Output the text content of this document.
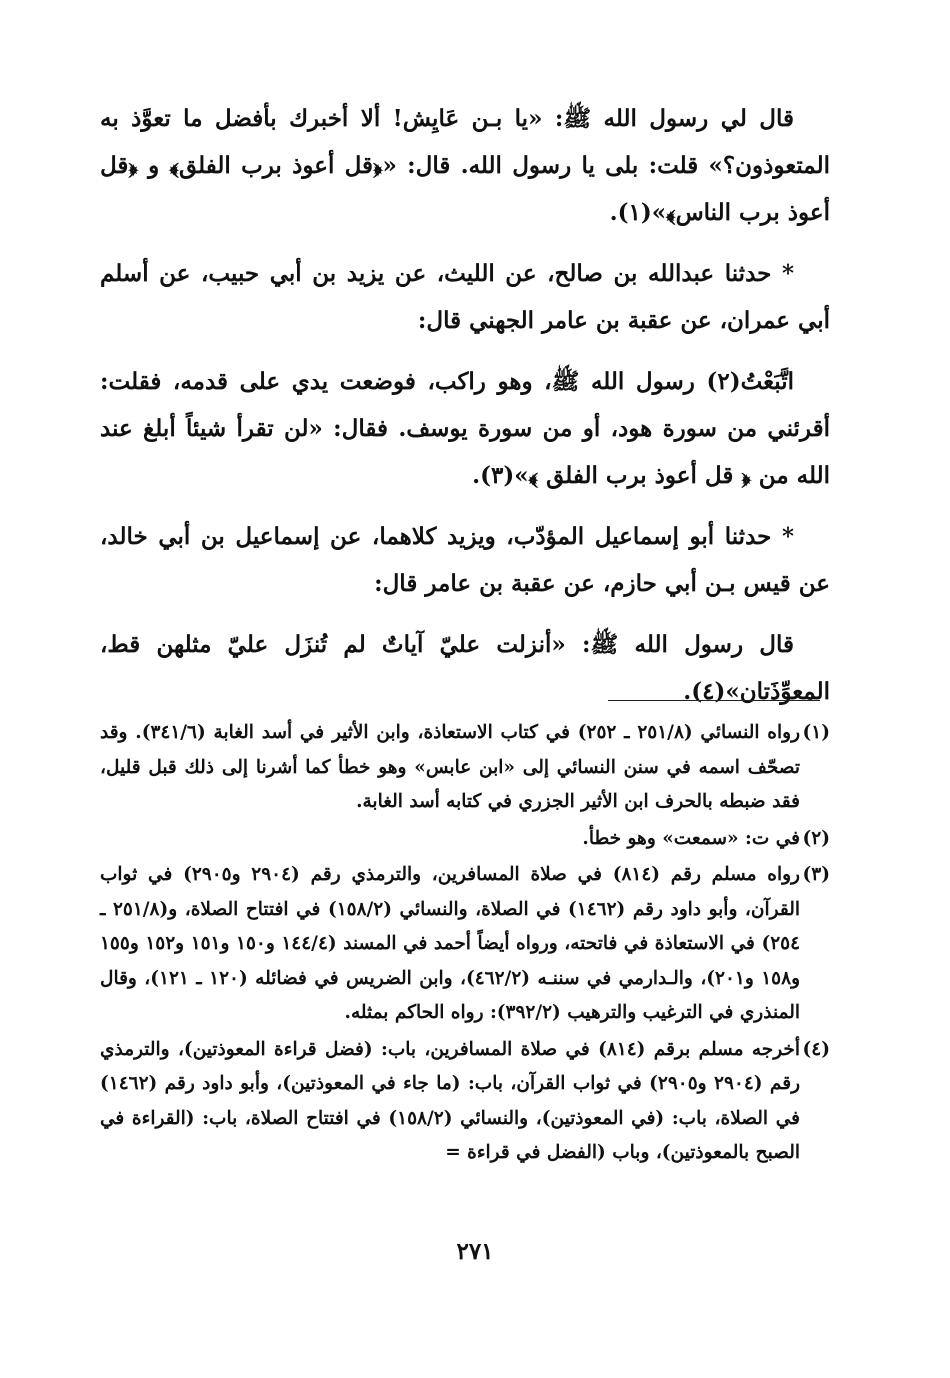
قال لي رسول الله ﷺ: «يا بـن عَايِش! ألا أخبرك بأفضل ما تعوَّذ به المتعوذون؟» قلت: بلى يا رسول الله. قال: «﴿قل أعوذ برب الفلق﴾ و ﴿قل أعوذ برب الناس﴾»(١).

* حدثنا عبدالله بن صالح، عن الليث، عن يزيد بن أبي حبيب، عن أسلم أبي عمران، عن عقبة بن عامر الجهني قال:

اتَّبَعْتُ(٢) رسول الله ﷺ، وهو راكب، فوضعت يدي على قدمه، فقلت: أقرئني من سورة هود، أو من سورة يوسف. فقال: «لن تقرأ شيئاً أبلغ عند الله من ﴿ قل أعوذ برب الفلق ﴾»(٣).

* حدثنا أبو إسماعيل المؤدّب، ويزيد كلاهما، عن إسماعيل بن أبي خالد، عن قيس بـن أبي حازم، عن عقبة بن عامر قال:

قال رسول الله ﷺ: «أنزلت عليّ آياتٌ لم تُنزَل عليّ مثلهن قط، المعوِّذَتان»(٤).

(١)
رواه النسائي (٢٥١/٨ ـ ٢٥٢) في كتاب الاستعاذة، وابن الأثير في أسد الغابة (٣٤١/٦). وقد تصحّف اسمه في سنن النسائي إلى «ابن عابس» وهو خطأ كما أشرنا إلى ذلك قبل قليل، فقد ضبطه بالحرف ابن الأثير الجزري في كتابه أسد الغابة.
(٢)
في ت: «سمعت» وهو خطأ.
(٣)
رواه مسلم رقم (٨١٤) في صلاة المسافرين، والترمذي رقم (٢٩٠٤ و٢٩٠٥) في ثواب القرآن، وأبو داود رقم (١٤٦٢) في الصلاة، والنسائي (١٥٨/٢) في افتتاح الصلاة، و(٢٥١/٨ ـ ٢٥٤) في الاستعاذة في فاتحته، ورواه أيضاً أحمد في المسند (١٤٤/٤ و١٥٠ و١٥١ و١٥٢ و١٥٥ و١٥٨ و٢٠١)، والـدارمي في سننـه (٤٦٢/٢)، وابن الضريس في فضائله (١٢٠ ـ ١٢١)، وقال المنذري في الترغيب والترهيب (٣٩٢/٢): رواه الحاكم بمثله.
(٤)
أخرجه مسلم برقم (٨١٤) في صلاة المسافرين، باب: (فضل قراءة المعوذتين)، والترمذي رقم (٢٩٠٤ و٢٩٠٥) في ثواب القرآن، باب: (ما جاء في المعوذتين)، وأبو داود رقم (١٤٦٢) في الصلاة، باب: (في المعوذتين)، والنسائي (١٥٨/٢) في افتتاح الصلاة، باب: (القراءة في الصبح بالمعوذتين)، وباب (الفضل في قراءة =
٢٧١
